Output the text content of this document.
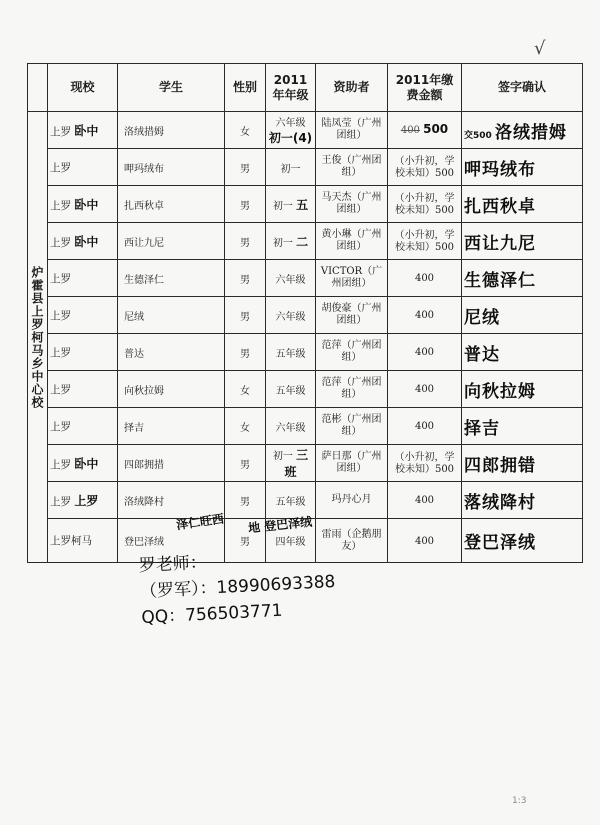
√
	现校	学生	性别	2011年年级	资助者	2011年缴费金额	签字确认
炉霍县上罗柯马乡中心校	上罗 卧中	洛绒措姆	女	六年级 初一(4)	陆凤莹（广州团组）	400 500	交500 洛绒措姆
	上罗	呷玛绒布	男	初一	王俊（广州团组）	（小升初，学校未知）500	呷玛绒布
	上罗 卧中	扎西秋卓	男	初一 五	马天杰（广州团组）	（小升初，学校未知）500	扎西秋卓
	上罗 卧中	西让九尼	男	初一 二	黄小琳（广州团组）	（小升初，学校未知）500	西让九尼
	上罗	生德泽仁	男	六年级	VICTOR（广州团组）	400	生德泽仁
	上罗	尼绒	男	六年级	胡俊豪（广州团组）	400	尼绒
	上罗	普达	男	五年级	范萍（广州团组）	400	普达
	上罗	向秋拉姆	女	五年级	范萍（广州团组）	400	向秋拉姆
	上罗	择吉	女	六年级	范彬（广州团组）	400	择吉
	上罗 卧中	四郎拥措	男	初一 三班	萨日那（广州团组）	（小升初，学校未知）500	四郎拥错
	上罗 上罗	洛绒降村	男	五年级	玛丹心月	400	落绒降村
	上罗柯马	登巴泽绒	男	四年级	雷雨（企鹅朋友）	400	登巴泽绒
泽仁旺西 地 登巴泽绒
罗老师：
（罗军）：18990693388
QQ：756503771
1:3
